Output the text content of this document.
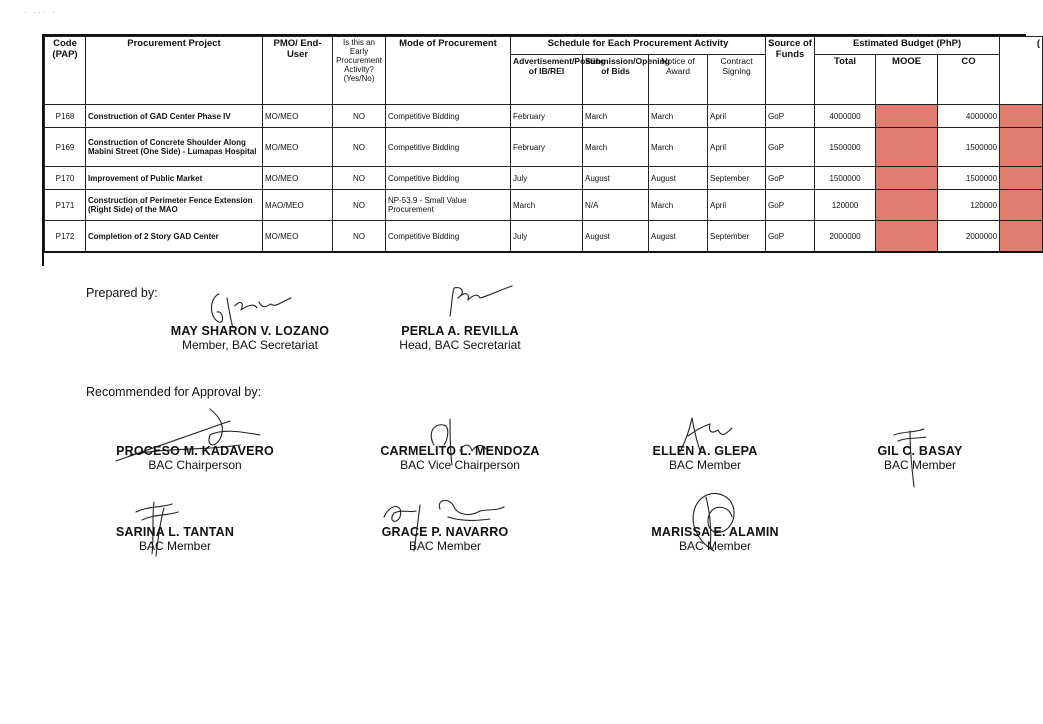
·   · · ·   ·
Code (PAP)	Procurement Project	PMO/ End-User	Is this an Early Procurement Activity? (Yes/No)	Mode of Procurement	Schedule for Each Procurement Activity				Source of Funds	Estimated Budget (PhP)			(
					Advertisement/Posting of IB/REI	Submission/Opening of Bids	Notice of Award	Contract Signing		Total	MOOE	CO	
P168	Construction of GAD Center Phase IV	MO/MEO	NO	Competitive Bidding	February	March	March	April	GoP	4000000		4000000	
P169	Construction of Concrete Shoulder Along Mabini Street (One Side) - Lumapas Hospital	MO/MEO	NO	Competitive Bidding	February	March	March	April	GoP	1500000		1500000	
P170	Improvement of Public Market	MO/MEO	NO	Competitive Bidding	July	August	August	September	GoP	1500000		1500000	
P171	Construction of Perimeter Fence Extension (Right Side) of the MAO	MAO/MEO	NO	NP-53.9 - Small Value Procurement	March	N/A	March	April	GoP	120000		120000	
P172	Completion of 2 Story GAD Center	MO/MEO	NO	Competitive Bidding	July	August	August	September	GoP	2000000		2000000	
Prepared by:
MAY SHARON V. LOZANO
Member, BAC Secretariat
PERLA A. REVILLA
Head, BAC Secretariat
Recommended for Approval by:
PROCESO M. KADAVERO
BAC Chairperson
CARMELITO L. MENDOZA
BAC Vice Chairperson
ELLEN A. GLEPA
BAC Member
GIL C. BASAY
BAC Member
SARINA L. TANTAN
BAC Member
GRACE P. NAVARRO
BAC Member
MARISSA E. ALAMIN
BAC Member
